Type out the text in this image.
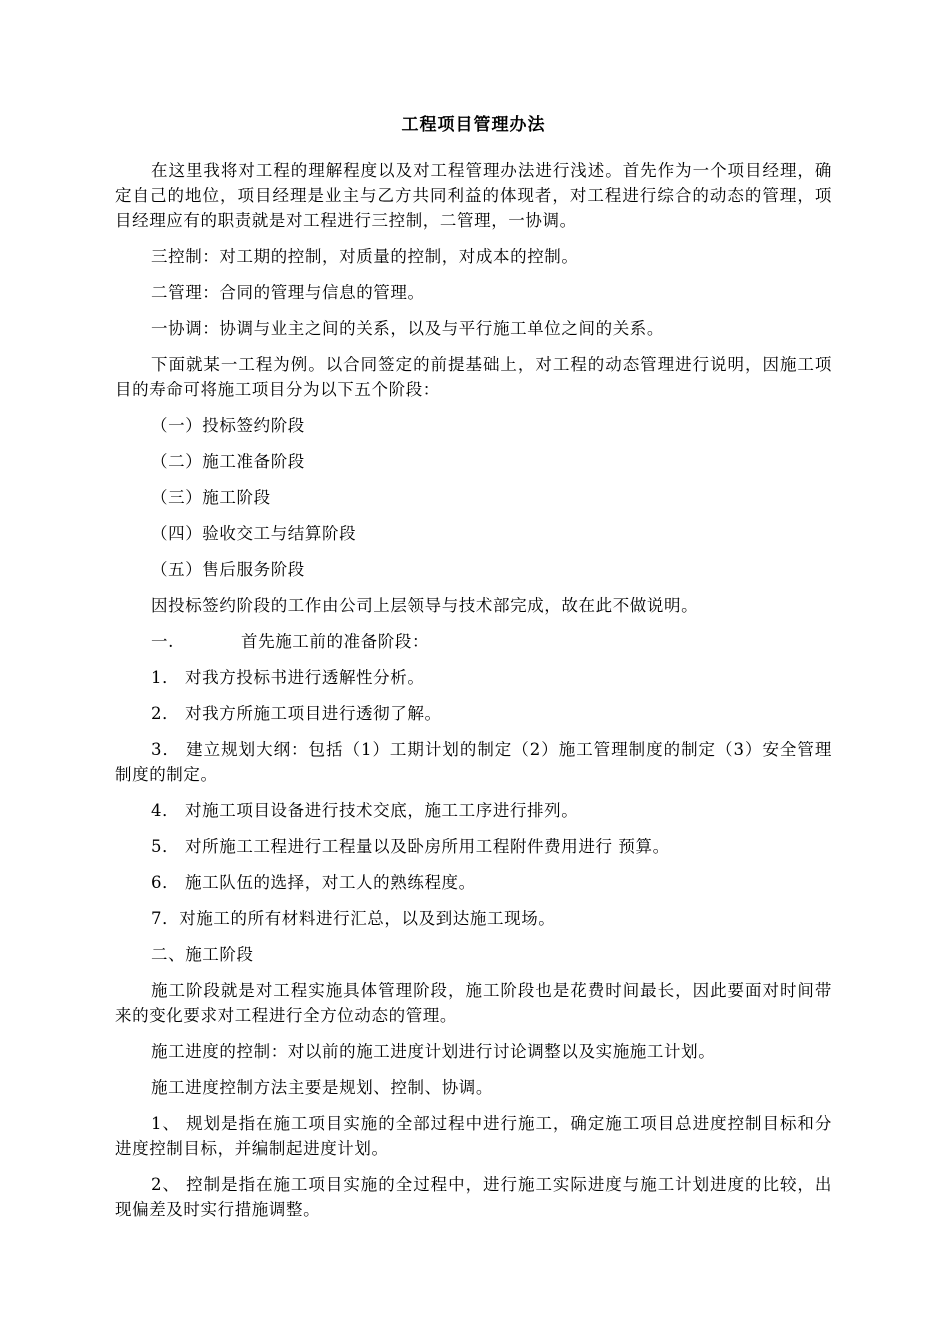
工程项目管理办法

在这里我将对工程的理解程度以及对工程管理办法进行浅述。首先作为一个项目经理，确定自己的地位，项目经理是业主与乙方共同利益的体现者，对工程进行综合的动态的管理，项目经理应有的职责就是对工程进行三控制，二管理，一协调。

三控制：对工期的控制，对质量的控制，对成本的控制。

二管理：合同的管理与信息的管理。

一协调：协调与业主之间的关系，以及与平行施工单位之间的关系。

下面就某一工程为例。以合同签定的前提基础上，对工程的动态管理进行说明，因施工项目的寿命可将施工项目分为以下五个阶段：

（一）投标签约阶段

（二）施工准备阶段

（三）施工阶段

（四）验收交工与结算阶段

（五）售后服务阶段

因投标签约阶段的工作由公司上层领导与技术部完成，故在此不做说明。

一.	首先施工前的准备阶段：

1． 对我方投标书进行透解性分析。

2． 对我方所施工项目进行透彻了解。

3． 建立规划大纲：包括（1）工期计划的制定（2）施工管理制度的制定（3）安全管理制度的制定。

4． 对施工项目设备进行技术交底，施工工序进行排列。

5． 对所施工工程进行工程量以及卧房所用工程附件费用进行 预算。

6． 施工队伍的选择，对工人的熟练程度。

7．对施工的所有材料进行汇总，以及到达施工现场。

二、施工阶段

施工阶段就是对工程实施具体管理阶段，施工阶段也是花费时间最长，因此要面对时间带来的变化要求对工程进行全方位动态的管理。

施工进度的控制：对以前的施工进度计划进行讨论调整以及实施施工计划。

施工进度控制方法主要是规划、控制、协调。

1、 规划是指在施工项目实施的全部过程中进行施工，确定施工项目总进度控制目标和分进度控制目标，并编制起进度计划。

2、 控制是指在施工项目实施的全过程中，进行施工实际进度与施工计划进度的比较，出现偏差及时实行措施调整。
